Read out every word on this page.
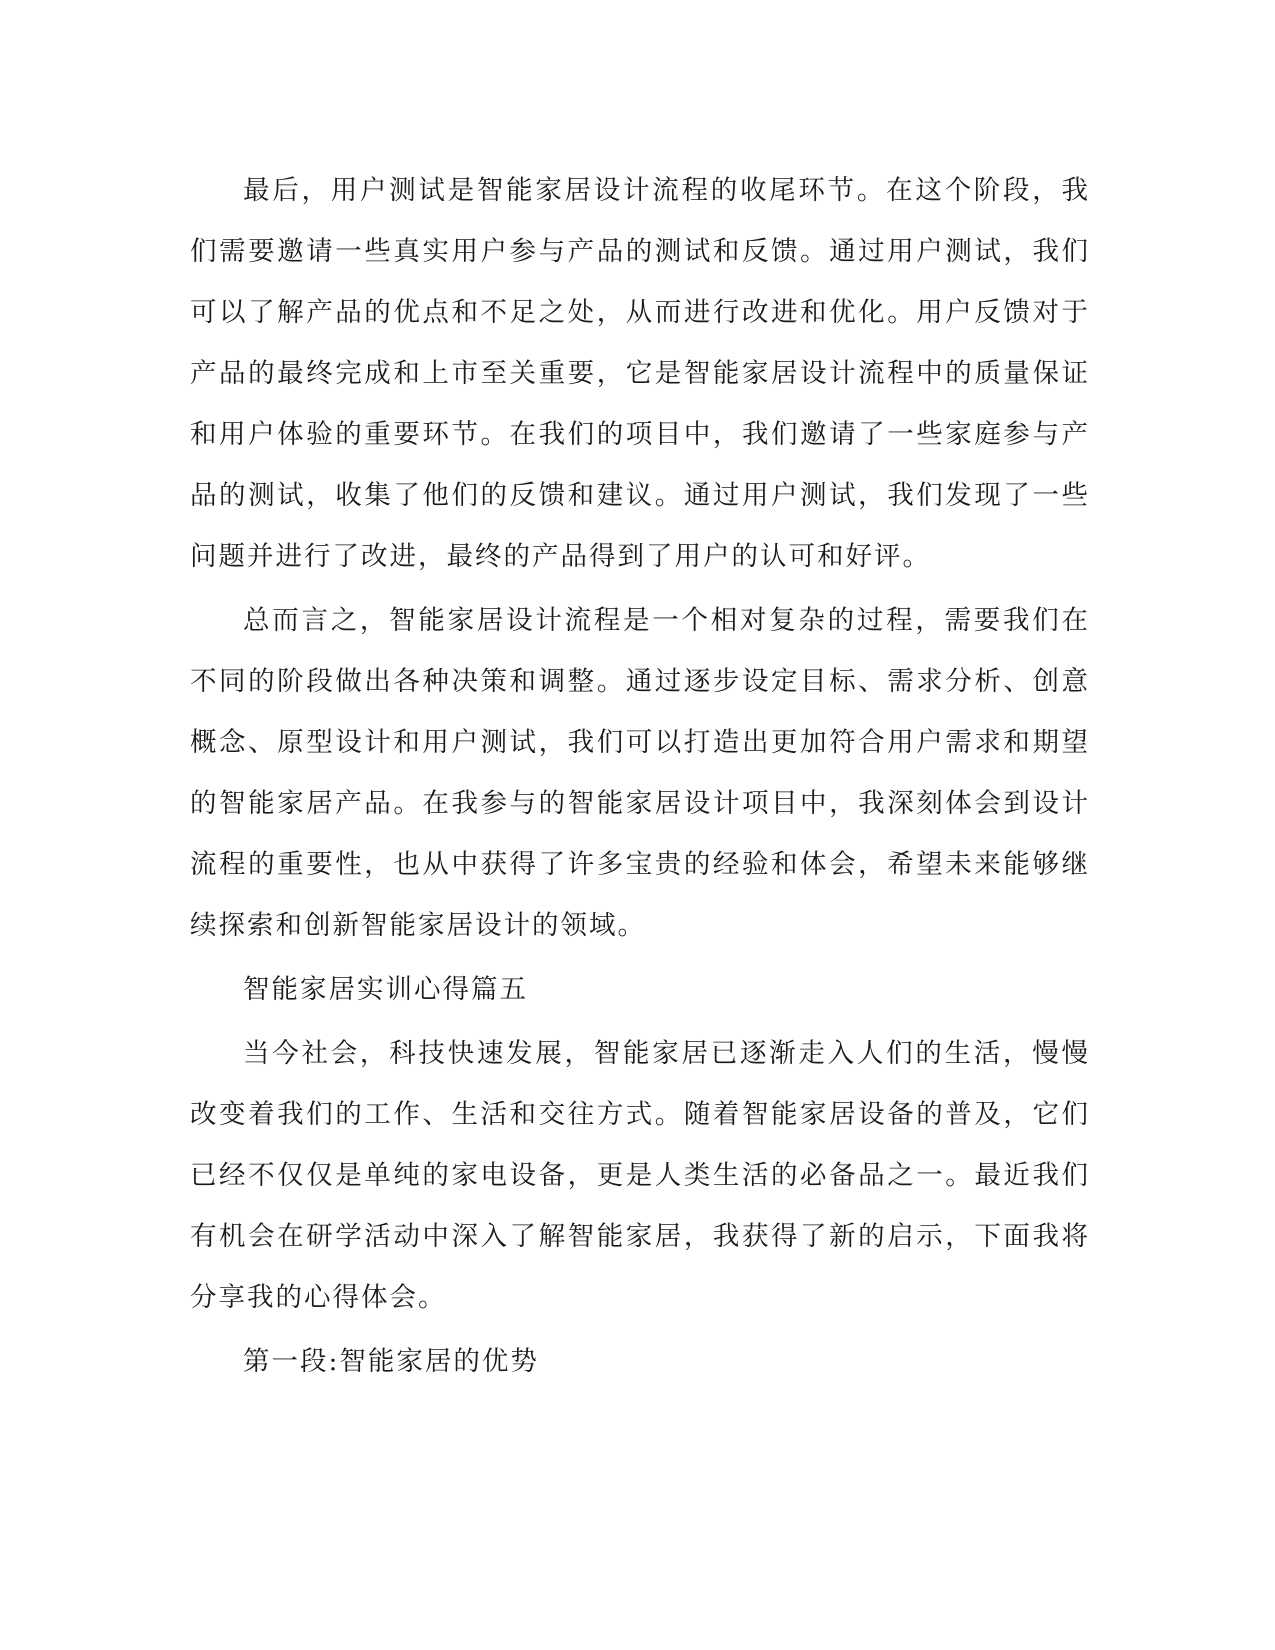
最后，用户测试是智能家居设计流程的收尾环节。在这个阶段，我们需要邀请一些真实用户参与产品的测试和反馈。通过用户测试，我们可以了解产品的优点和不足之处，从而进行改进和优化。用户反馈对于产品的最终完成和上市至关重要，它是智能家居设计流程中的质量保证和用户体验的重要环节。在我们的项目中，我们邀请了一些家庭参与产品的测试，收集了他们的反馈和建议。通过用户测试，我们发现了一些问题并进行了改进，最终的产品得到了用户的认可和好评。

总而言之，智能家居设计流程是一个相对复杂的过程，需要我们在不同的阶段做出各种决策和调整。通过逐步设定目标、需求分析、创意概念、原型设计和用户测试，我们可以打造出更加符合用户需求和期望的智能家居产品。在我参与的智能家居设计项目中，我深刻体会到设计流程的重要性，也从中获得了许多宝贵的经验和体会，希望未来能够继续探索和创新智能家居设计的领域。

智能家居实训心得篇五

当今社会，科技快速发展，智能家居已逐渐走入人们的生活，慢慢改变着我们的工作、生活和交往方式。随着智能家居设备的普及，它们已经不仅仅是单纯的家电设备，更是人类生活的必备品之一。最近我们有机会在研学活动中深入了解智能家居，我获得了新的启示，下面我将分享我的心得体会。

第一段:智能家居的优势
